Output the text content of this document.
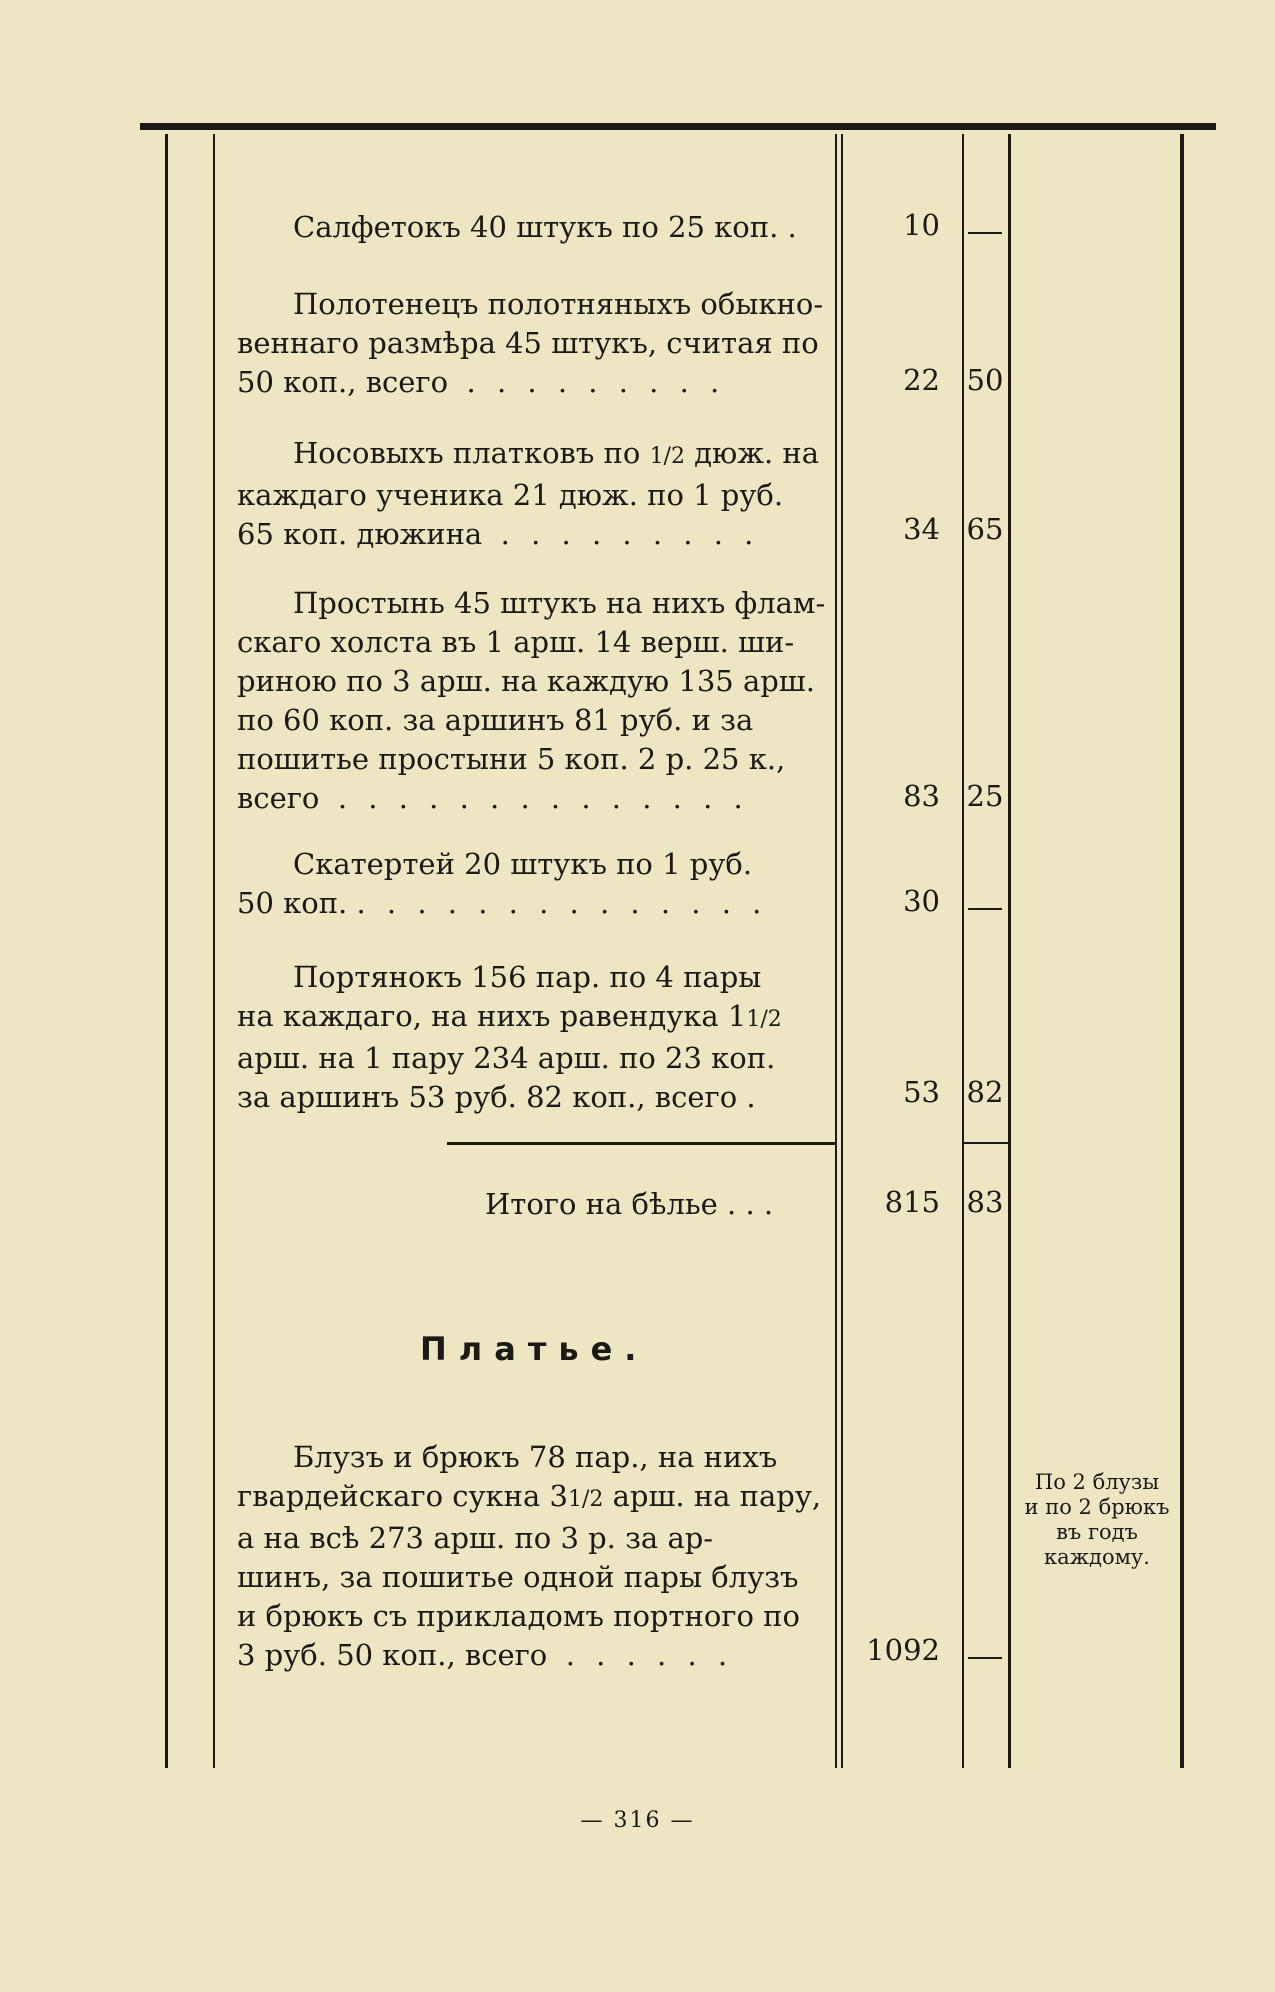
Салфетокъ 40 штукъ по 25 коп. .	10
Полотенецъ полотняныхъ обыкно-
веннаго размѣра 45 штукъ, считая по
50 коп., всего . . . . . . . . .	22 50
Носовыхъ платковъ по 1/2 дюж. на
каждаго ученика 21 дюж. по 1 руб.
65 коп. дюжина . . . . . . . . .	34 65
Простынь 45 штукъ на нихъ флам-
скаго холста въ 1 арш. 14 верш. ши-
риною по 3 арш. на каждую 135 арш.
по 60 коп. за аршинъ 81 руб. и за
пошитье простыни 5 коп. 2 р. 25 к.,
всего . . . . . . . . . . . . . .	83 25
Скатертей 20 штукъ по 1 руб.
50 коп. . . . . . . . . . . . . . .	30
Портянокъ 156 пар. по 4 пары
на каждаго, на нихъ равендука 11/2
арш. на 1 пару 234 арш. по 23 коп.
за аршинъ 53 руб. 82 коп., всего .	53 82
Итого на бѣлье . . .	815 83
Платье.
Блузъ и брюкъ 78 пар., на нихъ
гвардейскаго сукна 31/2 арш. на пару,
а на всѣ 273 арш. по 3 р. за ар-
шинъ, за пошитье одной пары блузъ
и брюкъ съ прикладомъ портного по
3 руб. 50 коп., всего . . . . . .	1092
По 2 блузы
и по 2 брюкъ
въ годъ
каждому.
— 316 —
